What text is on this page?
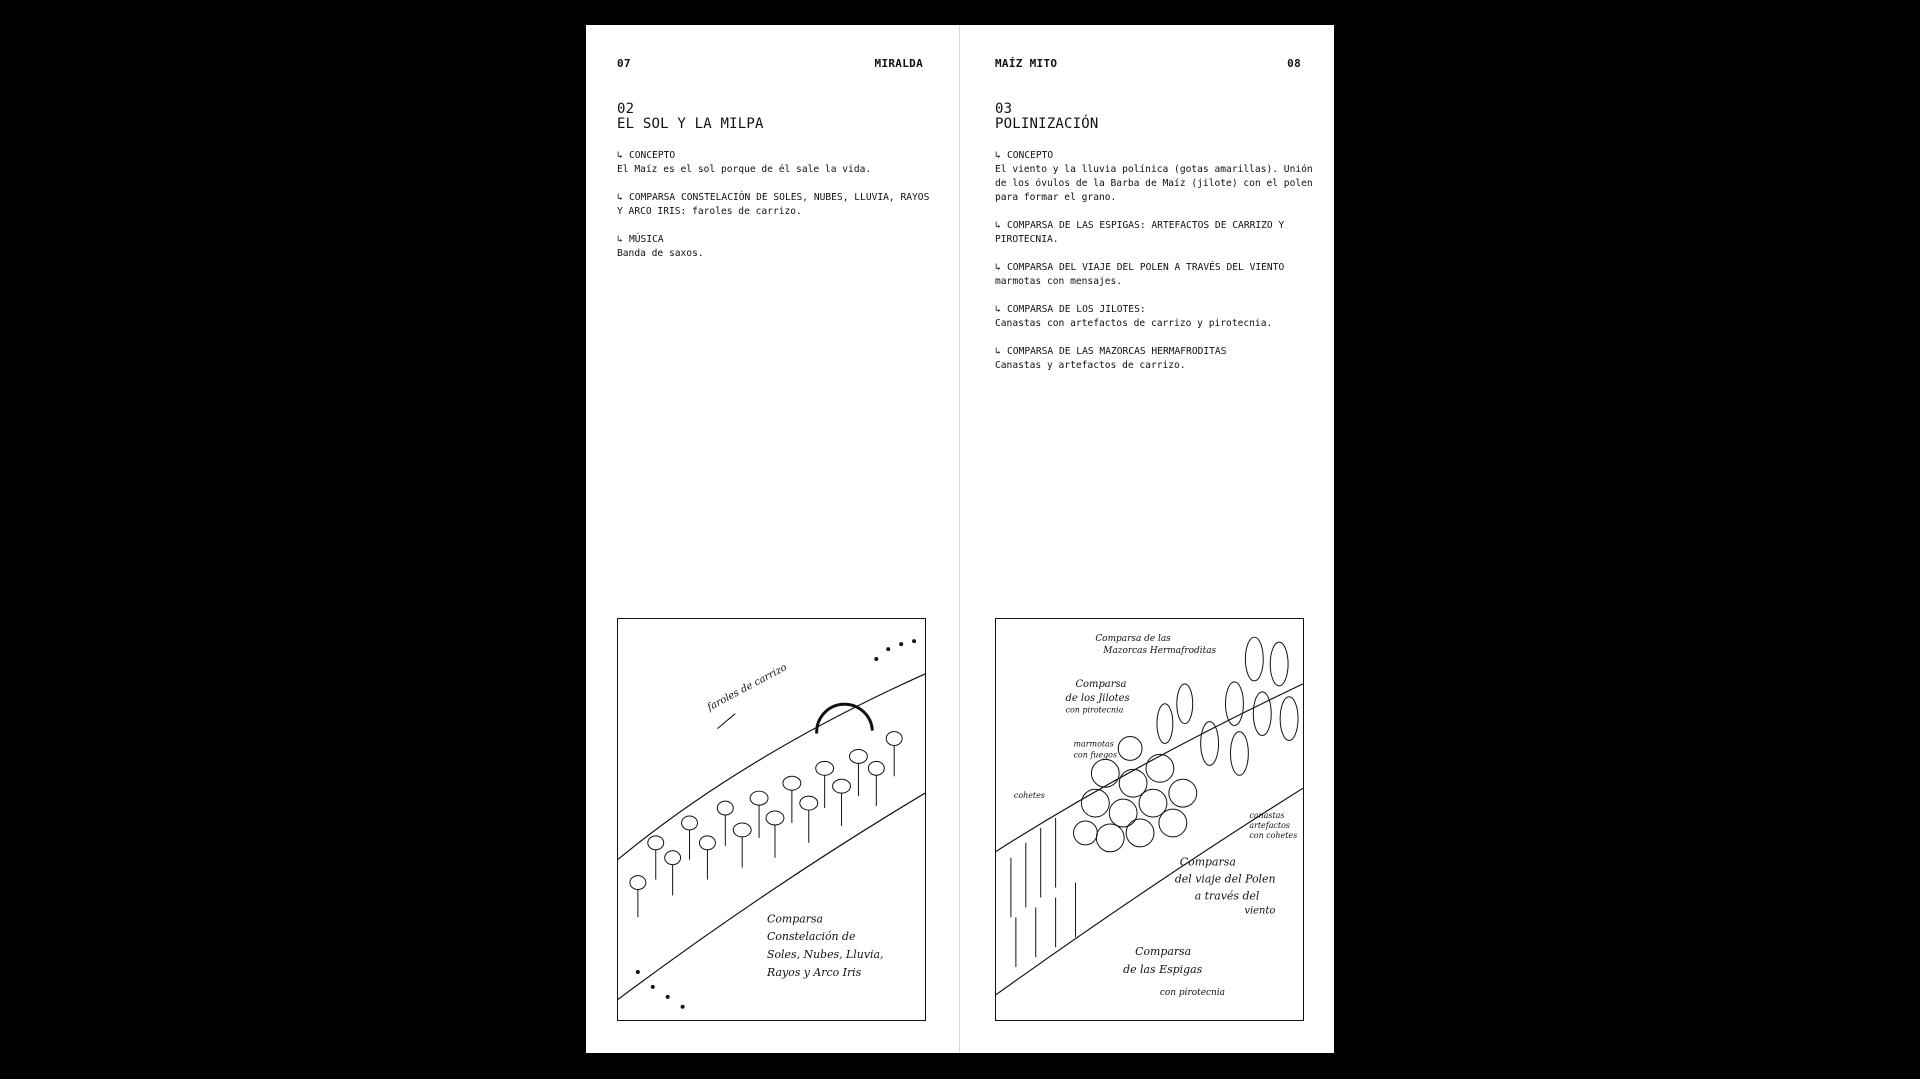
07	MIRALDA
02
EL SOL Y LA MILPA
↳ CONCEPTO
El Maíz es el sol porque de él sale la vida.
↳ COMPARSA CONSTELACIÓN DE SOLES, NUBES, LLUVIA, RAYOS Y ARCO IRIS: faroles de carrizo.
↳ MÚSICA
Banda de saxos.
faroles de carrizo
Comparsa
Constelación de
Soles, Nubes, Lluvia,
Rayos y Arco Iris
MAÍZ MITO	08
03
POLINIZACIÓN
↳ CONCEPTO
El viento y la lluvia polínica (gotas amarillas). Unión de los óvulos de la Barba de Maíz (jilote) con el polen para formar el grano.
↳ COMPARSA DE LAS ESPIGAS: ARTEFACTOS DE CARRIZO Y PIROTECNIA.
↳ COMPARSA DEL VIAJE DEL POLEN A TRAVÉS DEL VIENTO
marmotas con mensajes.
↳ COMPARSA DE LOS JILOTES:
Canastas con artefactos de carrizo y pirotecnia.
↳ COMPARSA DE LAS MAZORCAS HERMAFRODITAS
Canastas y artefactos de carrizo.
Comparsa de las
Mazorcas Hermafroditas
Comparsa
de los Jilotes
con pirotecnia
marmotas
con fuegos
cohetes
canastas
artefactos
con cohetes
Comparsa
del viaje del Polen
a través del
viento
Comparsa
de las Espigas
con pirotecnia
